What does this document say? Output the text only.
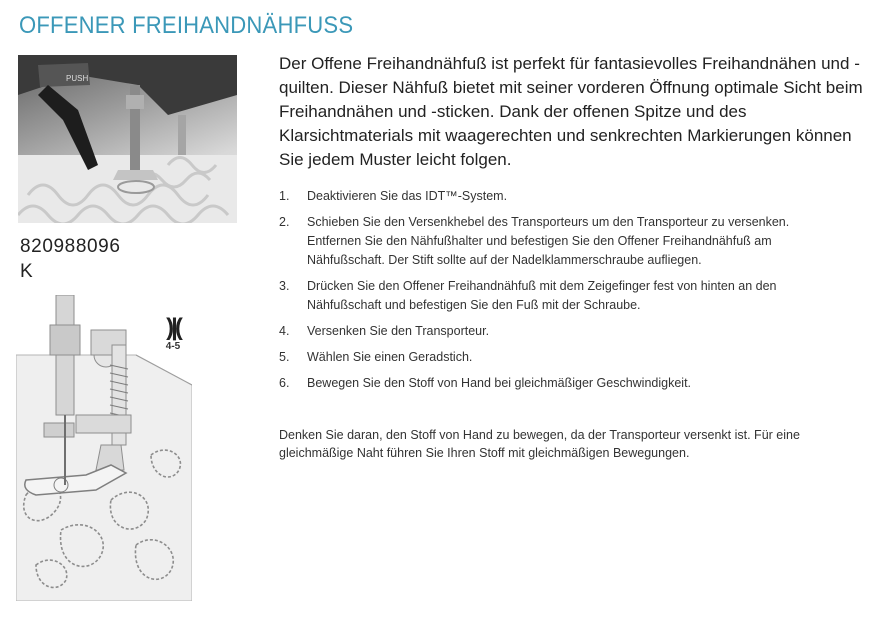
OFFENER FREIHANDNÄHFUSS
PUSH
820988096
K
)|(
4-5
Der Offene Freihandnähfuß ist perfekt für fantasievolles Freihandnähen und -quilten. Dieser Nähfuß bietet mit seiner vorderen Öffnung optimale Sicht beim Freihandnähen und -sticken. Dank der offenen Spitze und des Klarsichtmaterials mit waagerechten und senkrechten Markierungen können Sie jedem Muster leicht folgen.
1.	Deaktivieren Sie das IDT™-System.
2.	Schieben Sie den Versenkhebel des Transporteurs um den Transporteur zu versenken. Entfernen Sie den Nähfußhalter und befestigen Sie den Offener Freihandnähfuß am Nähfußschaft. Der Stift sollte auf der Nadelklammerschraube aufliegen.
3.	Drücken Sie den Offener Freihandnähfuß mit dem Zeigefinger fest von hinten an den Nähfußschaft und befestigen Sie den Fuß mit der Schraube.
4.	Versenken Sie den Transporteur.
5.	Wählen Sie einen Geradstich.
6.	Bewegen Sie den Stoff von Hand bei gleichmäßiger Geschwindigkeit.
Denken Sie daran, den Stoff von Hand zu bewegen, da der Transporteur versenkt ist. Für eine gleichmäßige Naht führen Sie Ihren Stoff mit gleichmäßigen Bewegungen.
